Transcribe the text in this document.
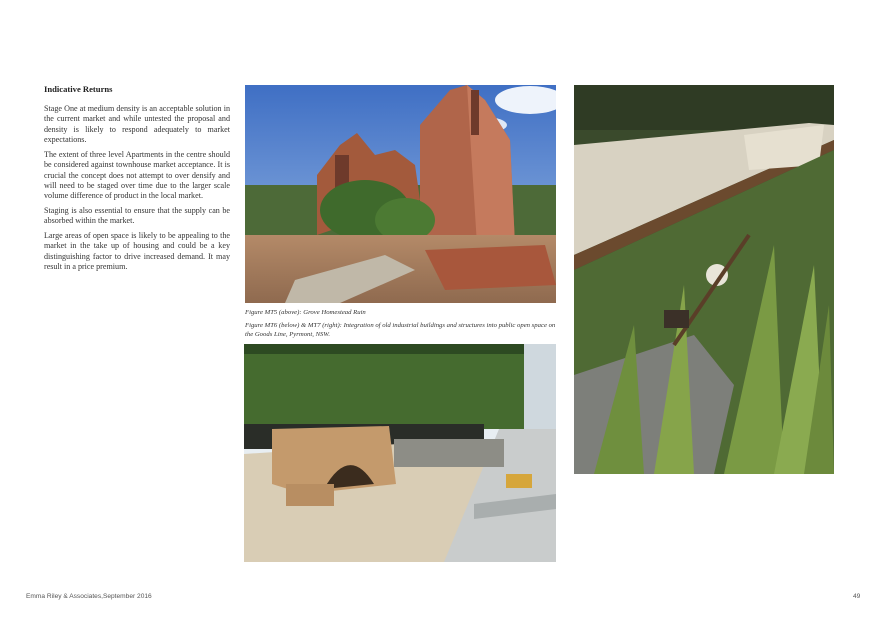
Indicative Returns

Stage One at medium density is an acceptable solution in the current market and while untested the proposal and density is likely to respond adequately to market expectations.

The extent of three level Apartments in the centre should be considered against townhouse market acceptance. It is crucial the concept does not attempt to over densify and will need to be staged over time due to the larger scale volume difference of product in the local market.

Staging is also essential to ensure that the supply can be absorbed within the market.

Large areas of open space is likely to be appealing to the market in the take up of housing and could be a key distinguishing factor to drive increased demand. It may result in a price premium.

Figure MT5 (above): Grove Homestead Ruin
Figure MT6 (below) & MT7 (right): Integration of old industrial buildings and structures into public open space on the Goods Line, Pyrmont, NSW.
Emma Riley & Associates,September 2016	49
